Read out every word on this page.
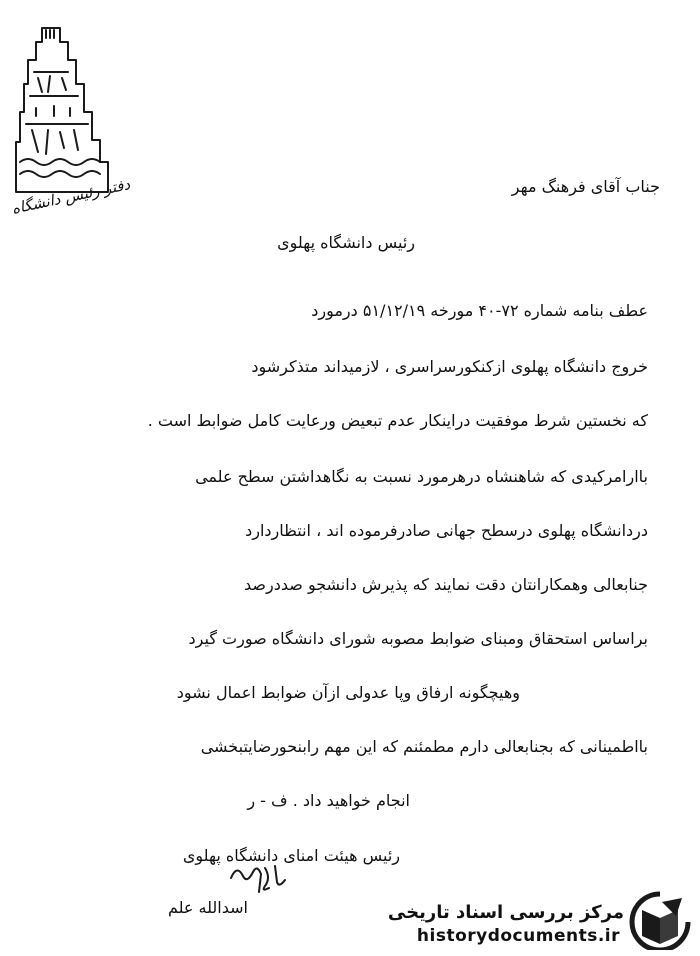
دفتر رئیس دانشگاه	جناب آقای فرهنگ مهر
رئیس دانشگاه پهلوی
عطف بنامه شماره ۷۲-۴۰ مورخه ۵۱/۱۲/۱۹ درمورد
خروج دانشگاه پهلوی ازکنکورسراسری ، لازمیداند متذکرشود
که نخستین شرط موفقیت دراینکار عدم تبعیض ورعایت کامل ضوابط است .
باارامرکیدی که شاهنشاه درهرمورد نسبت به نگاهداشتن سطح علمی
دردانشگاه پهلوی درسطح جهانی صادرفرموده اند ، انتظاردارد
جنابعالی وهمکارانتان دقت نمایند که پذیرش دانشجو صددرصد
براساس استحقاق ومبنای ضوابط مصوبه شورای دانشگاه صورت گیرد
وهیچگونه ارفاق وپا عدولی ازآن ضوابط اعمال نشود
بااطمینانی که بجنابعالی دارم مطمئنم که این مهم رابنحورضایتبخشی
انجام خواهید داد . ف - ر
رئیس هیئت امنای دانشگاه پهلوی
اسدالله علم	مرکز بررسی اسناد تاریخی
historydocuments.ir
